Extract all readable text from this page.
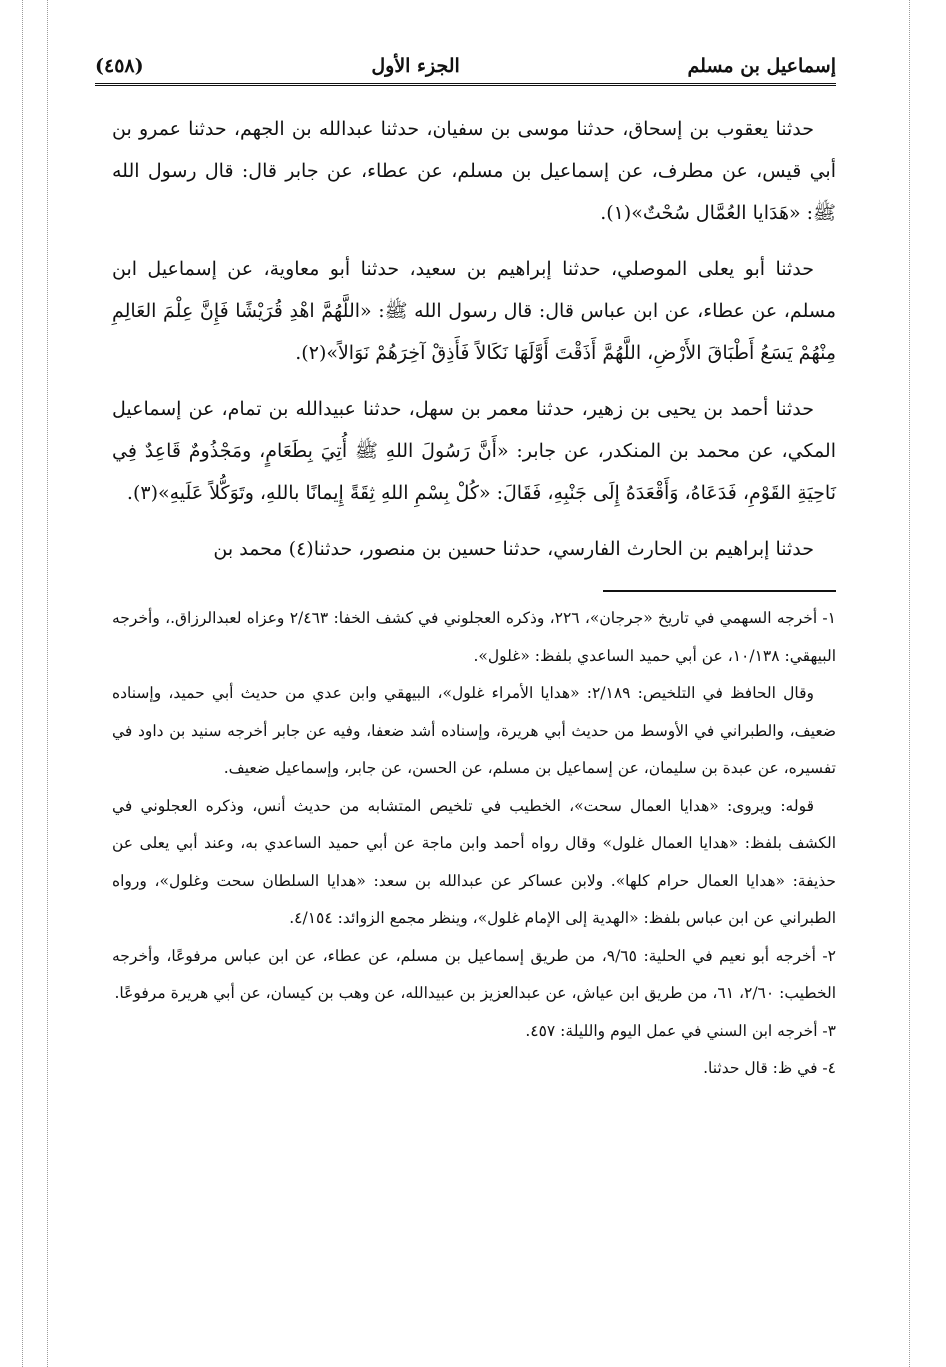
إسماعيل بن مسلم
الجزء الأول
(٤٥٨)

حدثنا يعقوب بن إسحاق، حدثنا موسى بن سفيان، حدثنا عبدالله بن الجهم، حدثنا عمرو بن أبي قيس، عن مطرف، عن إسماعيل بن مسلم، عن عطاء، عن جابر قال: قال رسول الله ﷺ: «هَدَايا العُمَّال سُحْتٌ»(١).

حدثنا أبو يعلى الموصلي، حدثنا إبراهيم بن سعيد، حدثنا أبو معاوية، عن إسماعيل ابن مسلم، عن عطاء، عن ابن عباس قال: قال رسول الله ﷺ: «اللَّهُمَّ اهْدِ قُرَيْشًا فَإِنَّ عِلْمَ العَالِمِ مِنْهُمْ يَسَعُ أَطْبَاقَ الأَرْضِ، اللَّهُمَّ أَذَقْتَ أَوَّلَهَا نَكَالاً فَأَذِقْ آخِرَهُمْ نَوَالاً»(٢).

حدثنا أحمد بن يحيى بن زهير، حدثنا معمر بن سهل، حدثنا عبيدالله بن تمام، عن إسماعيل المكي، عن محمد بن المنكدر، عن جابر: «أَنَّ رَسُولَ اللهِ ﷺ أُتِيَ بِطَعَامٍ، ومَجْذُومٌ قَاعِدٌ فِي نَاحِيَةِ القَوْمِ، فَدَعَاهُ، وَأَقْعَدَهُ إِلَى جَنْبِهِ، فَقَالَ: «كُلْ بِسْمِ اللهِ ثِقَةً إِيمانًا باللهِ، وتَوَكُّلاً عَلَيهِ»(٣).

حدثنا إبراهيم بن الحارث الفارسي، حدثنا حسين بن منصور، حدثنا(٤) محمد بن

١- أخرجه السهمي في تاريخ «جرجان»، ٢٢٦، وذكره العجلوني في كشف الخفا: ٢/٤٦٣ وعزاه لعبدالرزاق.، وأخرجه البيهقي: ١٠/١٣٨، عن أبي حميد الساعدي بلفظ: «غلول».

وقال الحافظ في التلخيص: ٢/١٨٩: «هدايا الأمراء غلول»، البيهقي وابن عدي من حديث أبي حميد، وإسناده ضعيف، والطبراني في الأوسط من حديث أبي هريرة، وإسناده أشد ضعفا، وفيه عن جابر أخرجه سنيد بن داود في تفسيره، عن عبدة بن سليمان، عن إسماعيل بن مسلم، عن الحسن، عن جابر، وإسماعيل ضعيف.

قوله: ويروى: «هدايا العمال سحت»، الخطيب في تلخيص المتشابه من حديث أنس، وذكره العجلوني في الكشف بلفظ: «هدايا العمال غلول» وقال رواه أحمد وابن ماجة عن أبي حميد الساعدي به، وعند أبي يعلى عن حذيفة: «هدايا العمال حرام كلها». ولابن عساكر عن عبدالله بن سعد: «هدايا السلطان سحت وغلول»، ورواه الطبراني عن ابن عباس بلفظ: «الهدية إلى الإمام غلول»، وينظر مجمع الزوائد: ٤/١٥٤.

٢- أخرجه أبو نعيم في الحلية: ٩/٦٥، من طريق إسماعيل بن مسلم، عن عطاء، عن ابن عباس مرفوعًا، وأخرجه الخطيب: ٢/٦٠، ٦١، من طريق ابن عياش، عن عبدالعزيز بن عبيدالله، عن وهب بن كيسان، عن أبي هريرة مرفوعًا.

٣- أخرجه ابن السني في عمل اليوم والليلة: ٤٥٧.

٤- في ظ: قال حدثنا.
